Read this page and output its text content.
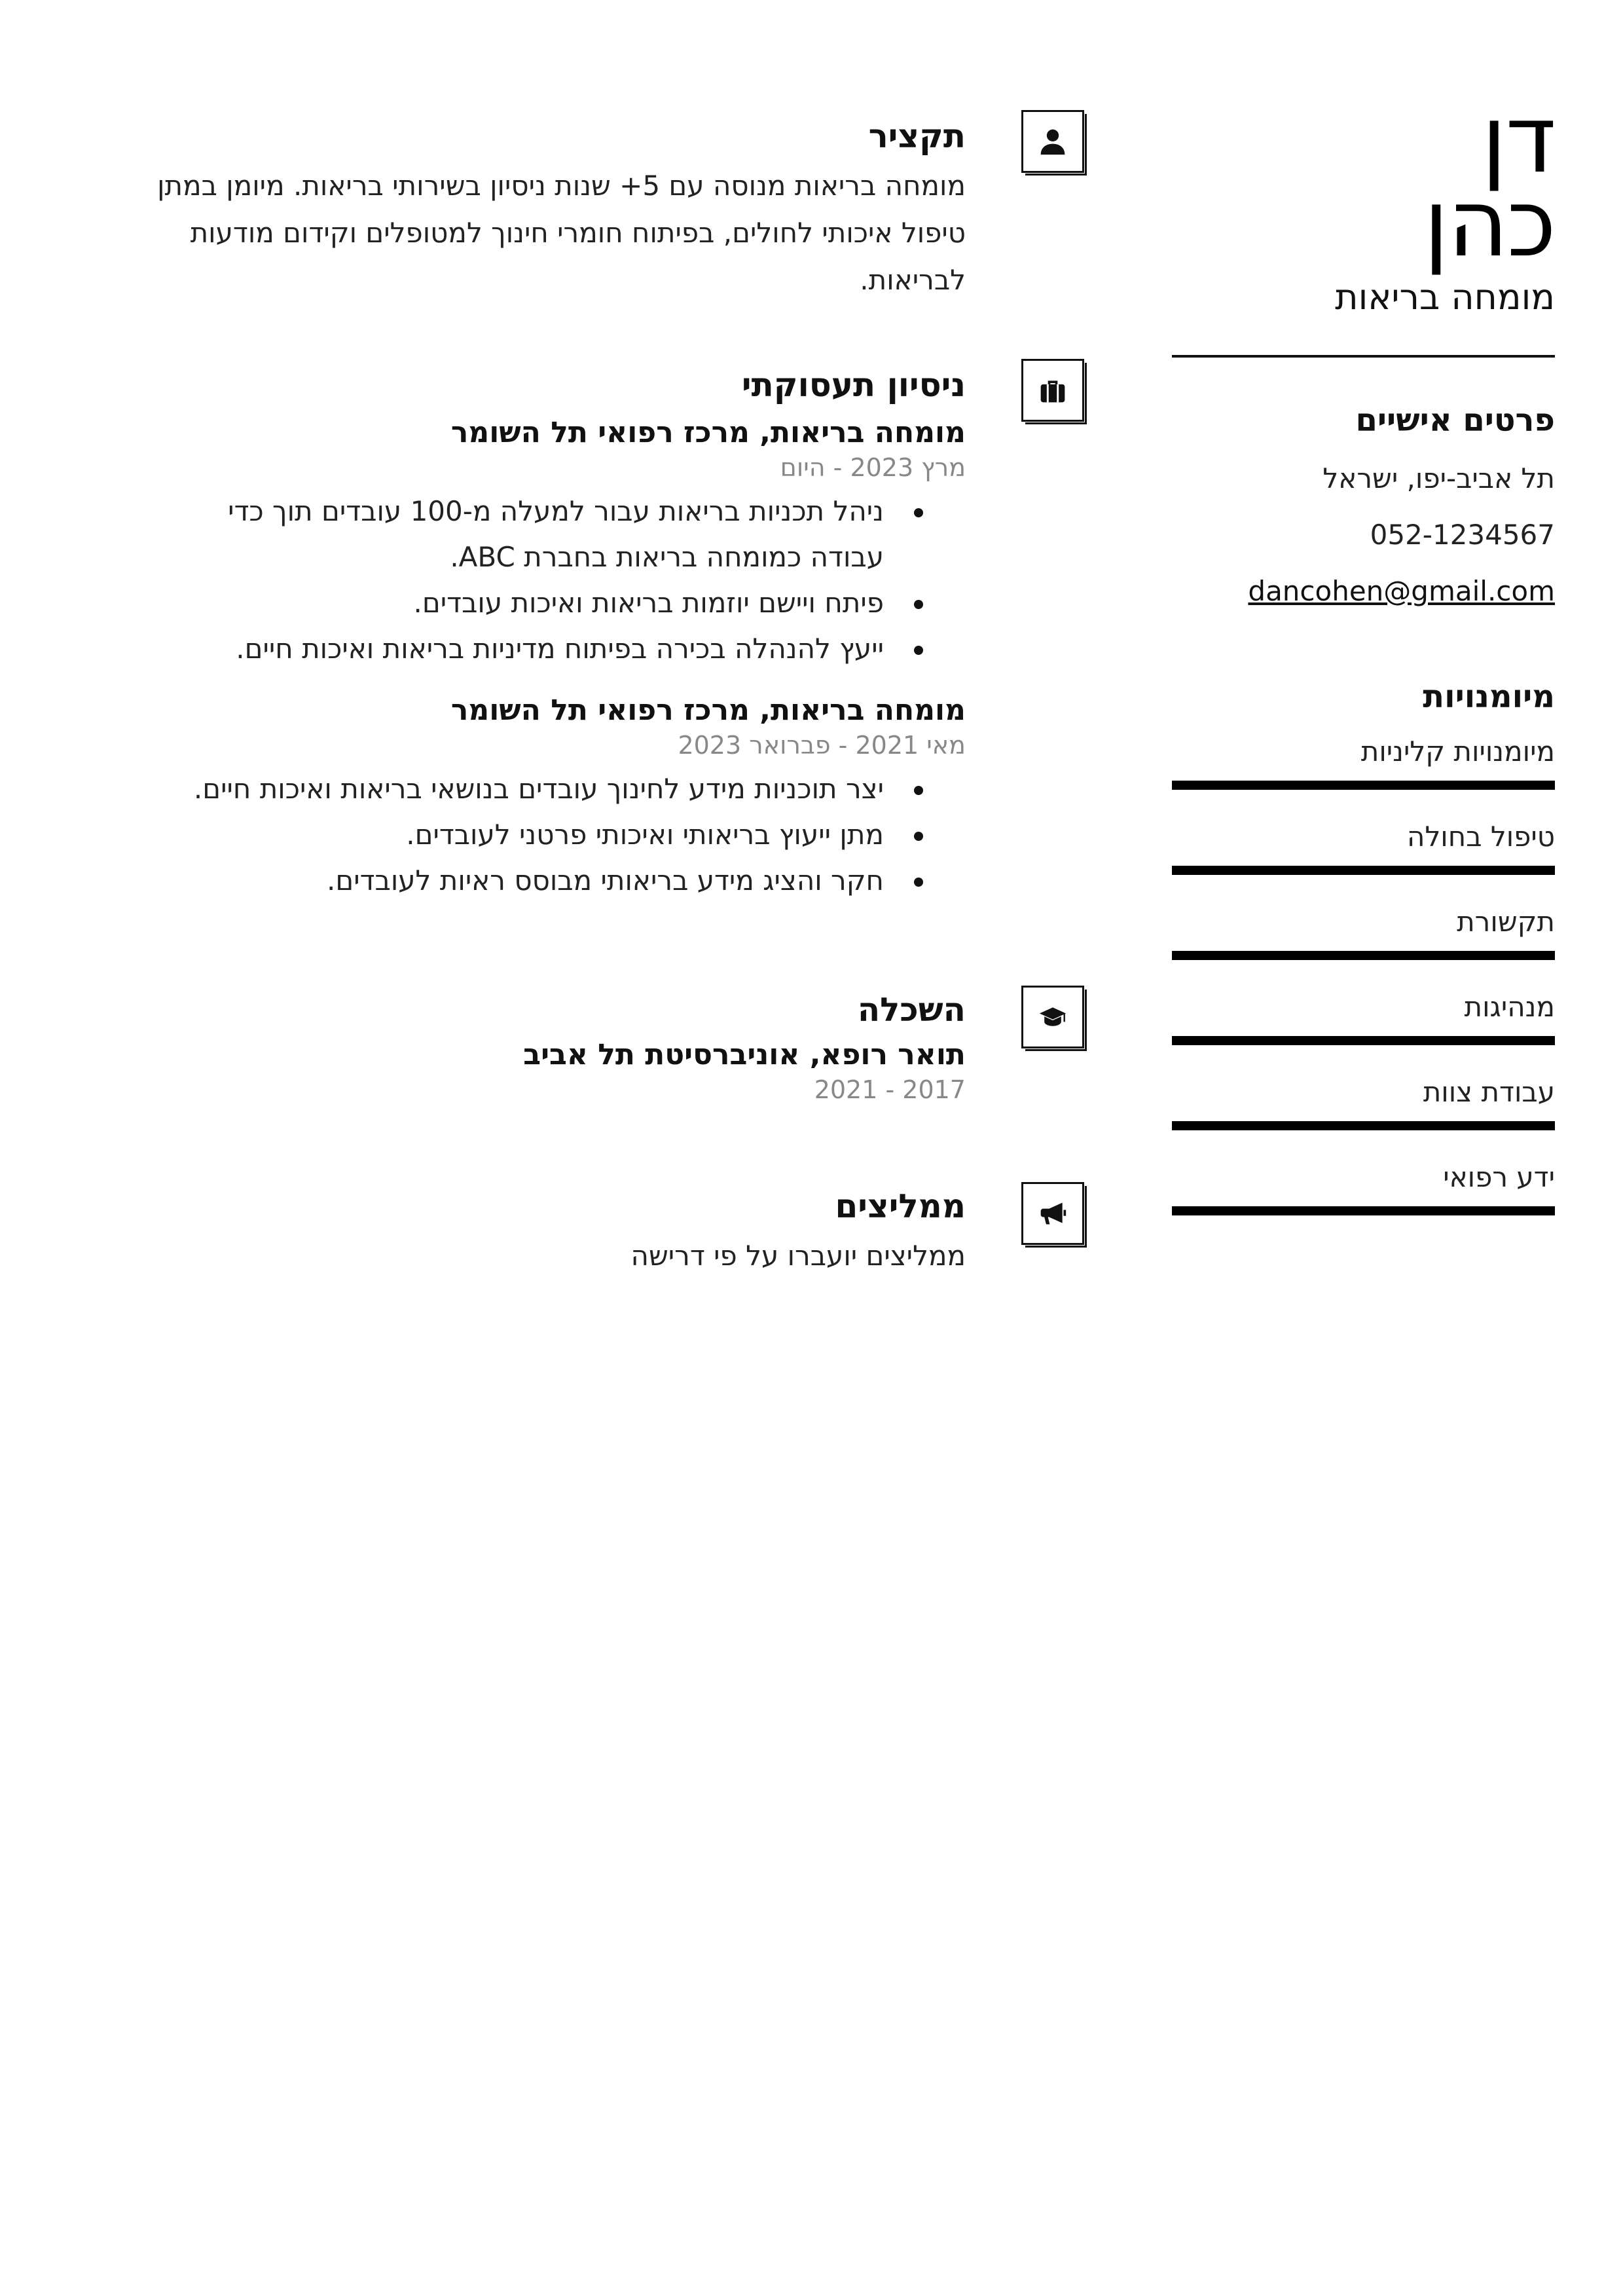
דן
כהן
מומחה בריאות
פרטים אישיים
תל אביב-יפו, ישראל
052-1234567
dancohen@gmail.com
מיומנויות
מיומנויות קליניות
טיפול בחולה
תקשורת
מנהיגות
עבודת צוות
ידע רפואי
תקציר

מומחה בריאות מנוסה עם 5+ שנות ניסיון בשירותי בריאות. מיומן במתן טיפול איכותי לחולים, בפיתוח חומרי חינוך למטופלים וקידום מודעות לבריאות.

ניסיון תעסוקתי
מומחה בריאות, מרכז רפואי תל השומר
מרץ 2023 - היום
ניהל תכניות בריאות עבור למעלה מ-100 עובדים תוך כדי עבודה כמומחה בריאות בחברת ABC.
פיתח ויישם יוזמות בריאות ואיכות עובדים.
ייעץ להנהלה בכירה בפיתוח מדיניות בריאות ואיכות חיים.
מומחה בריאות, מרכז רפואי תל השומר
מאי 2021 - פברואר 2023
יצר תוכניות מידע לחינוך עובדים בנושאי בריאות ואיכות חיים.
מתן ייעוץ בריאותי ואיכותי פרטני לעובדים.
חקר והציג מידע בריאותי מבוסס ראיות לעובדים.
השכלה
תואר רופא, אוניברסיטת תל אביב
2017 - 2021
ממליצים

ממליצים יועברו על פי דרישה
